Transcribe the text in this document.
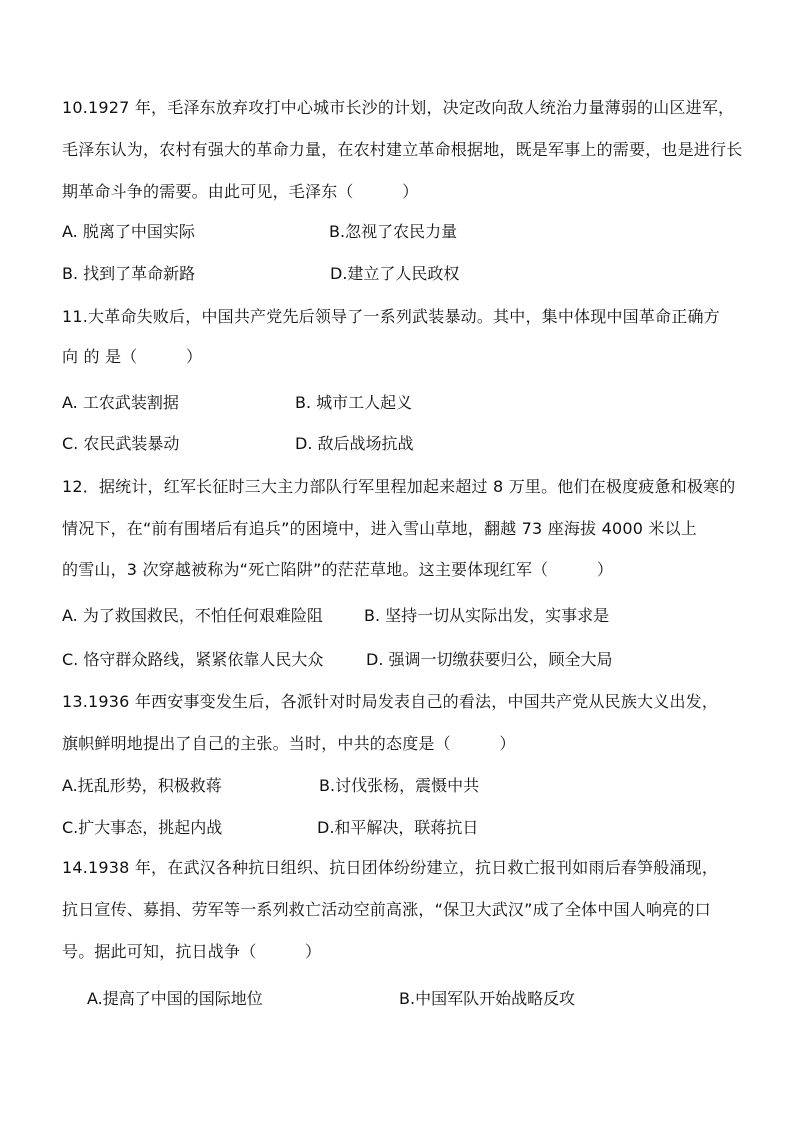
10.1927 年，毛泽东放弃攻打中心城市长沙的计划，决定改向敌人统治力量薄弱的山区进军，
毛泽东认为，农村有强大的革命力量，在农村建立革命根据地，既是军事上的需要，也是进行长
期革命斗争的需要。由此可见，毛泽东（　　　）
A. 脱离了中国实际	B.忽视了农民力量
B. 找到了革命新路	D.建立了人民政权
11.大革命失败后，中国共产党先后领导了一系列武装暴动。其中，集中体现中国革命正确方
向 的 是（　　　）
A. 工农武装割据	B. 城市工人起义
C. 农民武装暴动	D. 敌后战场抗战
12．据统计，红军长征时三大主力部队行军里程加起来超过 8 万里。他们在极度疲惫和极寒的
情况下，在“前有围堵后有追兵”的困境中，进入雪山草地，翻越 73 座海拔 4000 米以上
的雪山，3 次穿越被称为“死亡陷阱”的茫茫草地。这主要体现红军（　　　）
A. 为了救国救民，不怕任何艰难险阻	B. 坚持一切从实际出发，实事求是
C. 恪守群众路线，紧紧依靠人民大众	D. 强调一切缴获要归公，顾全大局
13.1936 年西安事变发生后，各派针对时局发表自己的看法，中国共产党从民族大义出发，
旗帜鲜明地提出了自己的主张。当时，中共的态度是（　　　）
A.抚乱形势，积极救蒋	B.讨伐张杨，震慑中共
C.扩大事态，挑起内战	D.和平解决，联蒋抗日
14.1938 年，在武汉各种抗日组织、抗日团体纷纷建立，抗日救亡报刊如雨后春笋般涌现，
抗日宣传、募捐、劳军等一系列救亡活动空前高涨，“保卫大武汉”成了全体中国人响亮的口
号。据此可知，抗日战争（　　　）
A.提高了中国的国际地位	B.中国军队开始战略反攻
